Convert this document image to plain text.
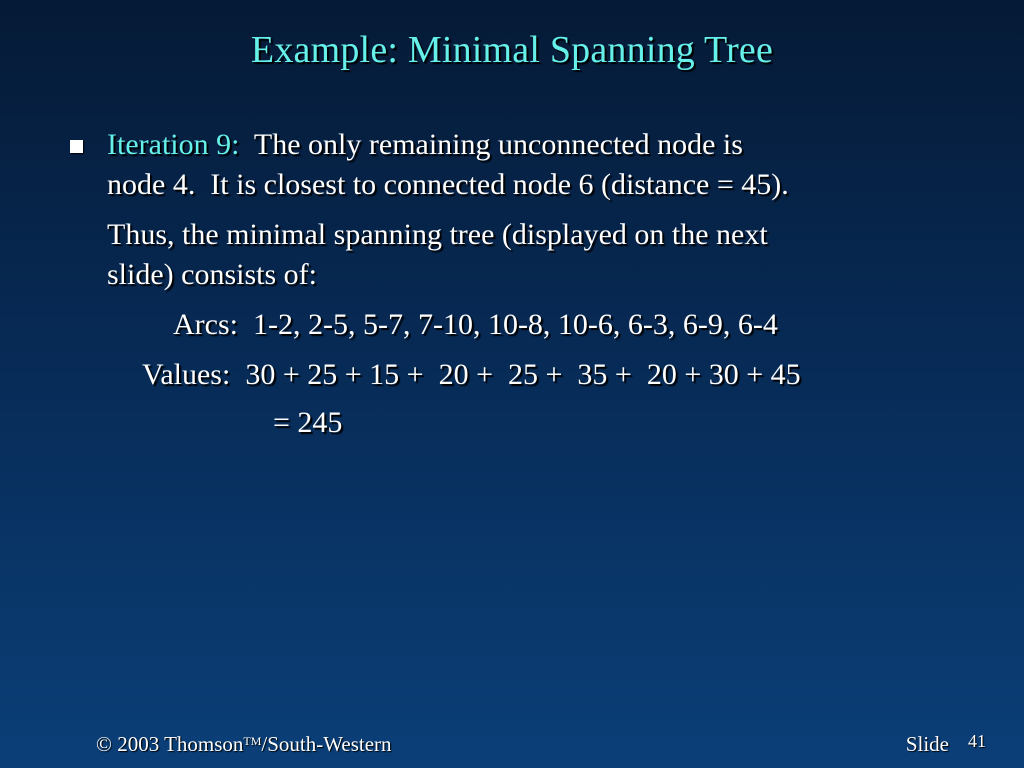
Example: Minimal Spanning Tree
Iteration 9:  The only remaining unconnected node is
node 4.  It is closest to connected node 6 (distance = 45).
Thus, the minimal spanning tree (displayed on the next
slide) consists of:
Arcs:  1-2, 2-5, 5-7, 7-10, 10-8, 10-6, 6-3, 6-9, 6-4
Values:  30 + 25 + 15 +  20 +  25 +  35 +  20 + 30 + 45
= 245
© 2003 Thomson™/South-Western	Slide 41
